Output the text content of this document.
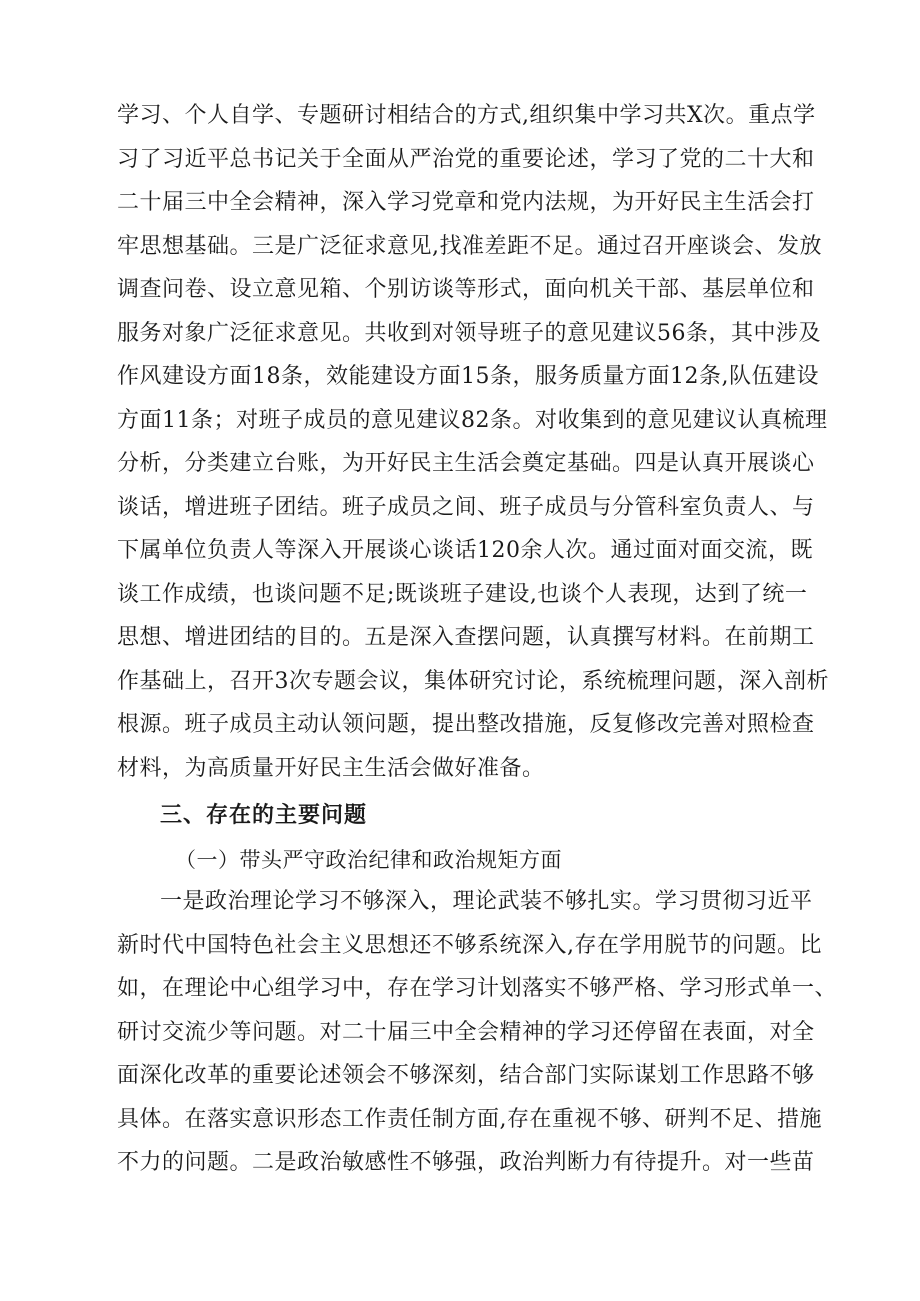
学习、个人自学、专题研讨相结合的方式,组织集中学习共X次。重点学
习了习近平总书记关于全面从严治党的重要论述，学习了党的二十大和
二十届三中全会精神，深入学习党章和党内法规，为开好民主生活会打
牢思想基础。三是广泛征求意见,找准差距不足。通过召开座谈会、发放
调查问卷、设立意见箱、个别访谈等形式，面向机关干部、基层单位和
服务对象广泛征求意见。共收到对领导班子的意见建议56条，其中涉及
作风建设方面18条，效能建设方面15条，服务质量方面12条,队伍建设
方面11条；对班子成员的意见建议82条。对收集到的意见建议认真梳理
分析，分类建立台账，为开好民主生活会奠定基础。四是认真开展谈心
谈话，增进班子团结。班子成员之间、班子成员与分管科室负责人、与
下属单位负责人等深入开展谈心谈话120余人次。通过面对面交流，既
谈工作成绩，也谈问题不足;既谈班子建设,也谈个人表现，达到了统一
思想、增进团结的目的。五是深入查摆问题，认真撰写材料。在前期工
作基础上，召开3次专题会议，集体研究讨论，系统梳理问题，深入剖析
根源。班子成员主动认领问题，提出整改措施，反复修改完善对照检查
材料，为高质量开好民主生活会做好准备。
三、存在的主要问题
（一）带头严守政治纪律和政治规矩方面
一是政治理论学习不够深入，理论武装不够扎实。学习贯彻习近平
新时代中国特色社会主义思想还不够系统深入,存在学用脱节的问题。比
如，在理论中心组学习中，存在学习计划落实不够严格、学习形式单一、
研讨交流少等问题。对二十届三中全会精神的学习还停留在表面，对全
面深化改革的重要论述领会不够深刻，结合部门实际谋划工作思路不够
具体。在落实意识形态工作责任制方面,存在重视不够、研判不足、措施
不力的问题。二是政治敏感性不够强，政治判断力有待提升。对一些苗
